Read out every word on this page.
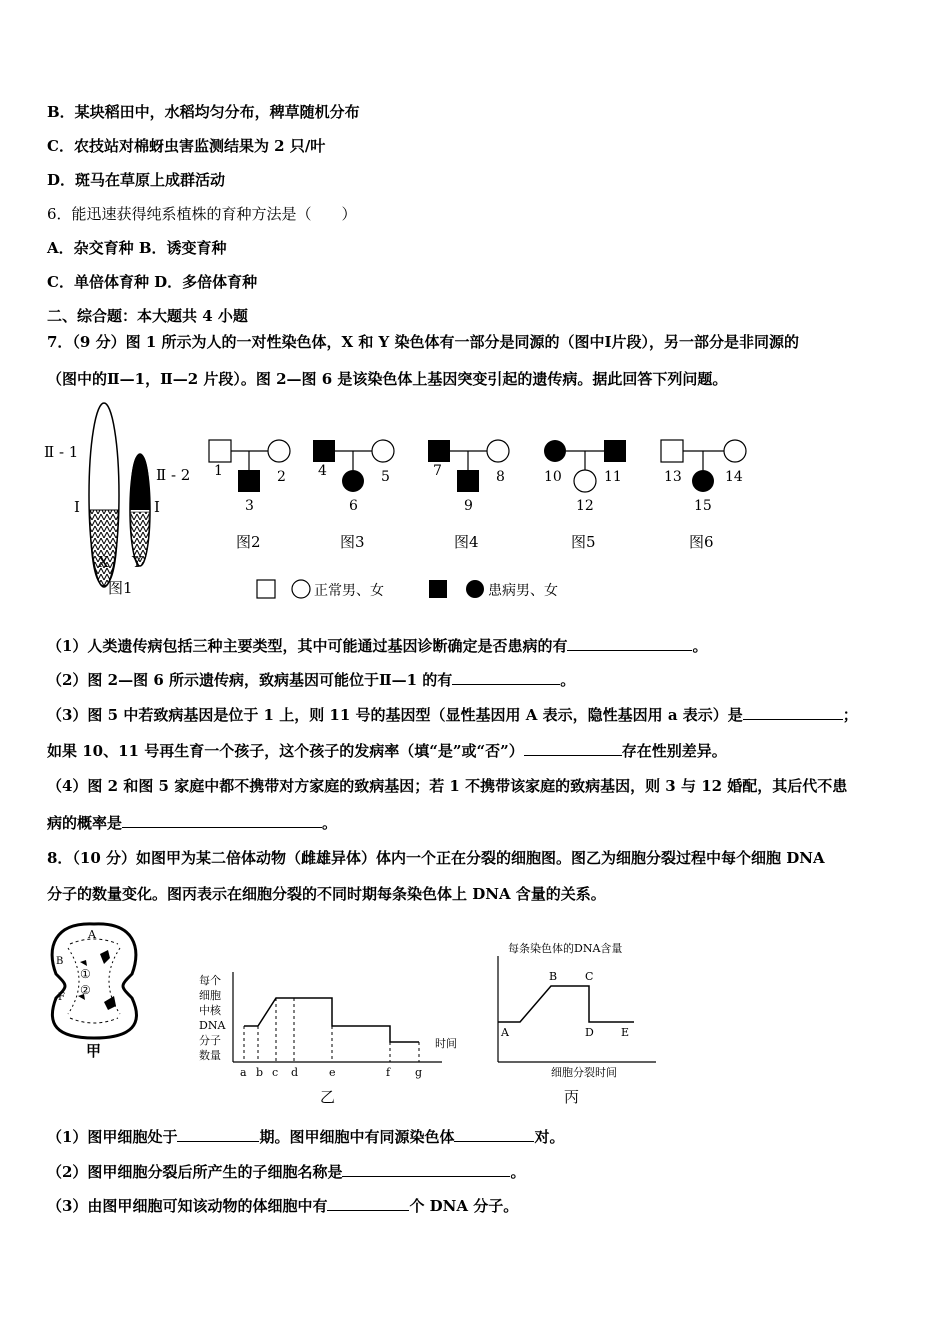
B．某块稻田中，水稻均匀分布，稗草随机分布
C．农技站对棉蚜虫害监测结果为 2 只/叶
D．斑马在草原上成群活动
6．能迅速获得纯系植株的育种方法是（　　）
A．杂交育种 B．诱变育种
C．单倍体育种 D．多倍体育种
二、综合题：本大题共 4 小题
7．（9 分）图 1 所示为人的一对性染色体，X 和 Y 染色体有一部分是同源的（图中Ⅰ片段），另一部分是非同源的
（图中的Ⅱ—1，Ⅱ—2 片段）。图 2—图 6 是该染色体上基因突变引起的遗传病。据此回答下列问题。
Ⅱ - 1
Ⅱ - 2
Ⅰ	Ⅰ
X Y
图1
1	2
3
图2
4	5
6
图3
7	8
9
图4
10	11
12
图5
13	14
15
图6
正常男、女	患病男、女
（1）人类遗传病包括三种主要类型，其中可能通过基因诊断确定是否患病的有	。
（2）图 2—图 6 所示遗传病，致病基因可能位于Ⅱ—1 的有	。
（3）图 5 中若致病基因是位于 1 上，则 11 号的基因型（显性基因用 A 表示，隐性基因用 a 表示）是	；
如果 10、11 号再生育一个孩子，这个孩子的发病率（填“是”或“否”）	存在性别差异。
（4）图 2 和图 5 家庭中都不携带对方家庭的致病基因；若 1 不携带该家庭的致病基因，则 3 与 12 婚配，其后代不患
病的概率是	。
8．（10 分）如图甲为某二倍体动物（雌雄异体）体内一个正在分裂的细胞图。图乙为细胞分裂过程中每个细胞 DNA
分子的数量变化。图丙表示在细胞分裂的不同时期每条染色体上 DNA 含量的关系。
A
B
F
①
②
甲
每个
细胞
中核
DNA
分子
数量
时间
a b c d	e	f g
乙
每条染色体的DNA含量
A
B	C
D E
细胞分裂时间
丙
（1）图甲细胞处于	期。图甲细胞中有同源染色体	对。
（2）图甲细胞分裂后所产生的子细胞名称是	。
（3）由图甲细胞可知该动物的体细胞中有	个 DNA 分子。
